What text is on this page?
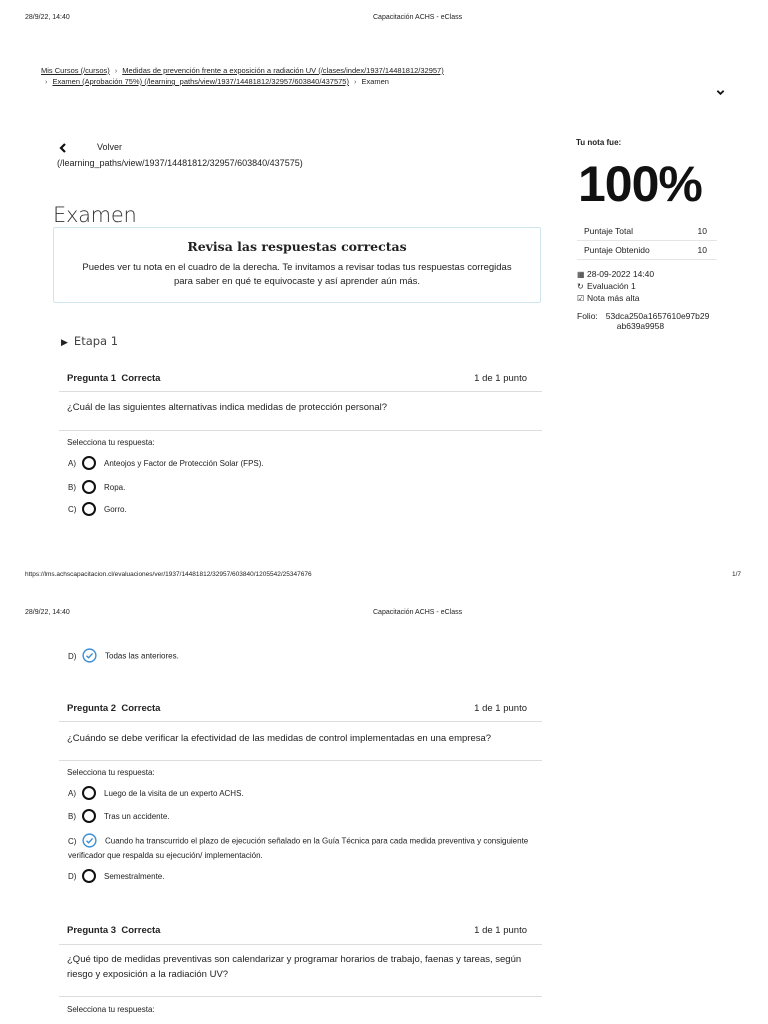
28/9/22, 14:40	Capacitación ACHS - eClass
Mis Cursos (/cursos) › Medidas de prevención frente a exposición a radiación UV (/clases/index/1937/14481812/32957)
› Examen (Aprobación 75%) (/learning_paths/view/1937/14481812/32957/603840/437575) › Examen
Volver
(/learning_paths/view/1937/14481812/32957/603840/437575)
Examen
Revisa las respuestas correctas
Puedes ver tu nota en el cuadro de la derecha. Te invitamos a revisar todas tus respuestas corregidas para saber en qué te equivocaste y así aprender aún más.
▶ Etapa 1
Pregunta 1 Correcta	1 de 1 punto
¿Cuál de las siguientes alternativas indica medidas de protección personal?
Selecciona tu respuesta:
A)	Anteojos y Factor de Protección Solar (FPS).
B)	Ropa.
C)	Gorro.
Tu nota fue:
100%
Puntaje Total	10
Puntaje Obtenido	10
▦ 28-09-2022 14:40
↻ Evaluación 1
☑ Nota más alta
Folio: 53dca250a1657610e97b29
ab639a9958
https://lms.achscapacitacion.cl/evaluaciones/ver/1937/14481812/32957/603840/1205542/25347676	1/7
28/9/22, 14:40	Capacitación ACHS - eClass
D)	Todas las anteriores.
Pregunta 2 Correcta	1 de 1 punto
¿Cuándo se debe verificar la efectividad de las medidas de control implementadas en una empresa?
Selecciona tu respuesta:
A)	Luego de la visita de un experto ACHS.
B)	Tras un accidente.
C)	Cuando ha transcurrido el plazo de ejecución señalado en la Guía Técnica para cada medida preventiva y consiguiente verificador que respalda su ejecución/ implementación.
D)	Semestralmente.
Pregunta 3 Correcta	1 de 1 punto
¿Qué tipo de medidas preventivas son calendarizar y programar horarios de trabajo, faenas y tareas, según riesgo y exposición a la radiación UV?
Selecciona tu respuesta:
